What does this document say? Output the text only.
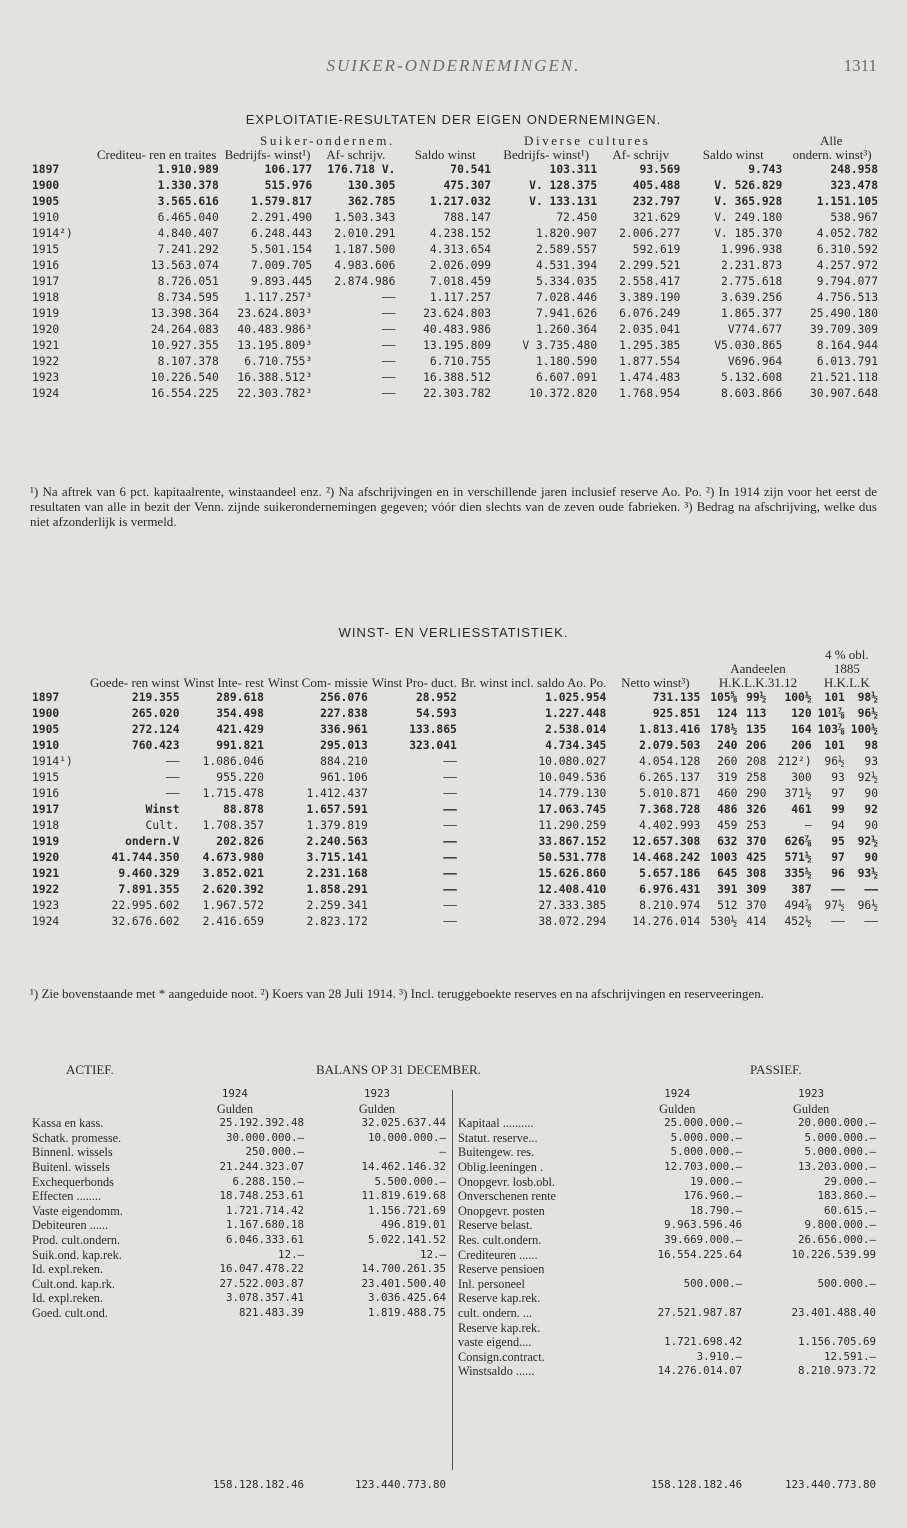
SUIKER-ONDERNEMINGEN.	1311
EXPLOITATIE-RESULTATEN DER EIGEN ONDERNEMINGEN.
Suiker-ondernem.	Diverse cultures	Alle
	Crediteu- ren en traites	Bedrijfs- winst¹)	Af- schrijv.	Saldo winst	Bedrijfs- winst¹)	Af- schrijv	Saldo winst	ondern. winst³)
1897	1.910.989	106.177	176.718 V.	70.541	103.311	93.569	9.743	248.958
1900	1.330.378	515.976	130.305	475.307	V. 128.375	405.488	V. 526.829	323.478
1905	3.565.616	1.579.817	362.785	1.217.032	V. 133.131	232.797	V. 365.928	1.151.105
1910	6.465.040	2.291.490	1.503.343	788.147	72.450	321.629	V. 249.180	538.967
1914²)	4.840.407	6.248.443	2.010.291	4.238.152	1.820.907	2.006.277	V. 185.370	4.052.782
1915	7.241.292	5.501.154	1.187.500	4.313.654	2.589.557	592.619	1.996.938	6.310.592
1916	13.563.074	7.009.705	4.983.606	2.026.099	4.531.394	2.299.521	2.231.873	4.257.972
1917	8.726.051	9.893.445	2.874.986	7.018.459	5.334.035	2.558.417	2.775.618	9.794.077
1918	8.734.595	1.117.257³	——	1.117.257	7.028.446	3.389.190	3.639.256	4.756.513
1919	13.398.364	23.624.803³	——	23.624.803	7.941.626	6.076.249	1.865.377	25.490.180
1920	24.264.083	40.483.986³	——	40.483.986	1.260.364	2.035.041	V774.677	39.709.309
1921	10.927.355	13.195.809³	——	13.195.809	V 3.735.480	1.295.385	V5.030.865	8.164.944
1922	8.107.378	6.710.755³	——	6.710.755	1.180.590	1.877.554	V696.964	6.013.791
1923	10.226.540	16.388.512³	——	16.388.512	6.607.091	1.474.483	5.132.608	21.521.118
1924	16.554.225	22.303.782³	——	22.303.782	10.372.820	1.768.954	8.603.866	30.907.648
¹) Na aftrek van 6 pct. kapitaalrente, winstaandeel enz. ²) Na afschrijvingen en in verschillende jaren inclusief reserve Ao. Po. ²) In 1914 zijn voor het eerst de resultaten van alle in bezit der Venn. zijnde suikerondernemingen gegeven; vóór dien slechts van de zeven oude fabrieken. ³) Bedrag na afschrijving, welke dus niet afzonderlijk is vermeld.
WINST- EN VERLIESSTATISTIEK.
	Goede- ren winst	Winst Inte- rest	Winst Com- missie	Winst Pro- duct.	Br. winst incl. saldo Ao. Po.	Netto winst³)	Aandeelen
H.K.L.K.31.12			4 % obl.
1885
H.K.L.K	
1897	219.355	289.618	256.076	28.952	1.025.954	731.135	105⅝	99½	100½	101	98½
1900	265.020	354.498	227.838	54.593	1.227.448	925.851	124	113	120	101⅞	96½
1905	272.124	421.429	336.961	133.865	2.538.014	1.813.416	178½	135	164	103⅞	100½
1910	760.423	991.821	295.013	323.041	4.734.345	2.079.503	240	206	206	101	98
1914¹)	——	1.086.046	884.210	——	10.080.027	4.054.128	260	208	212²)	96½	93
1915	——	955.220	961.106	——	10.049.536	6.265.137	319	258	300	93	92½
1916	——	1.715.478	1.412.437	——	14.779.130	5.010.871	460	290	371½	97	90
1917	Winst	88.878	1.657.591	——	17.063.745	7.368.728	486	326	461	99	92
1918	Cult.	1.708.357	1.379.819	——	11.290.259	4.402.993	459	253	—	94	90
1919	ondern.V	202.826	2.240.563	——	33.867.152	12.657.308	632	370	626⅞	95	92½
1920	41.744.350	4.673.980	3.715.141	——	50.531.778	14.468.242	1003	425	571½	97	90
1921	9.460.329	3.852.021	2.231.168	——	15.626.860	5.657.186	645	308	335½	96	93½
1922	7.891.355	2.620.392	1.858.291	——	12.408.410	6.976.431	391	309	387	——	——
1923	22.995.602	1.967.572	2.259.341	——	27.333.385	8.210.974	512	370	494⅞	97½	96½
1924	32.676.602	2.416.659	2.823.172	——	38.072.294	14.276.014	530½	414	452½	——	——
¹) Zie bovenstaande met * aangeduide noot. ²) Koers van 28 Juli 1914. ³) Incl. teruggeboekte reserves en na afschrijvingen en reserveeringen.
ACTIEF.	BALANS OP 31 DECEMBER.	PASSIEF.
	1924	1923
	Gulden	Gulden
Kassa en kass.	25.192.392.48	32.025.637.44
Schatk. promesse.	30.000.000.—	10.000.000.—
Binnenl. wissels	250.000.—	—
Buitenl. wissels	21.244.323.07	14.462.146.32
Exchequerbonds	6.288.150.—	5.500.000.—
Effecten ........	18.748.253.61	11.819.619.68
Vaste eigendomm.	1.721.714.42	1.156.721.69
Debiteuren ......	1.167.680.18	496.819.01
Prod. cult.ondern.	6.046.333.61	5.022.141.52
Suik.ond. kap.rek.	12.—	12.—
Id. expl.reken.	16.047.478.22	14.700.261.35
Cult.ond. kap.rk.	27.522.003.87	23.401.500.40
Id. expl.reken.	3.078.357.41	3.036.425.64
Goed. cult.ond.	821.483.39	1.819.488.75
	1924	1923
	Gulden	Gulden
Kapitaal ..........	25.000.000.—	20.000.000.—
Statut. reserve...	5.000.000.—	5.000.000.—
Buitengew. res.	5.000.000.—	5.000.000.—
Oblig.leeningen .	12.703.000.—	13.203.000.—
Onopgevr. losb.obl.	19.000.—	29.000.—
Onverschenen rente	176.960.—	183.860.—
Onopgevr. posten	18.790.—	60.615.—
Reserve belast.	9.963.596.46	9.800.000.—
Res. cult.ondern.	39.669.000.—	26.656.000.—
Crediteuren ......	16.554.225.64	10.226.539.99
Reserve pensioen		
Inl. personeel	500.000.—	500.000.—
Reserve kap.rek.		
cult. ondern. ...	27.521.987.87	23.401.488.40
Reserve kap.rek.		
vaste eigend....	1.721.698.42	1.156.705.69
Consign.contract.	3.910.—	12.591.—
Winstsaldo ......	14.276.014.07	8.210.973.72
	158.128.182.46	123.440.773.80
		158.128.182.46	123.440.773.80
